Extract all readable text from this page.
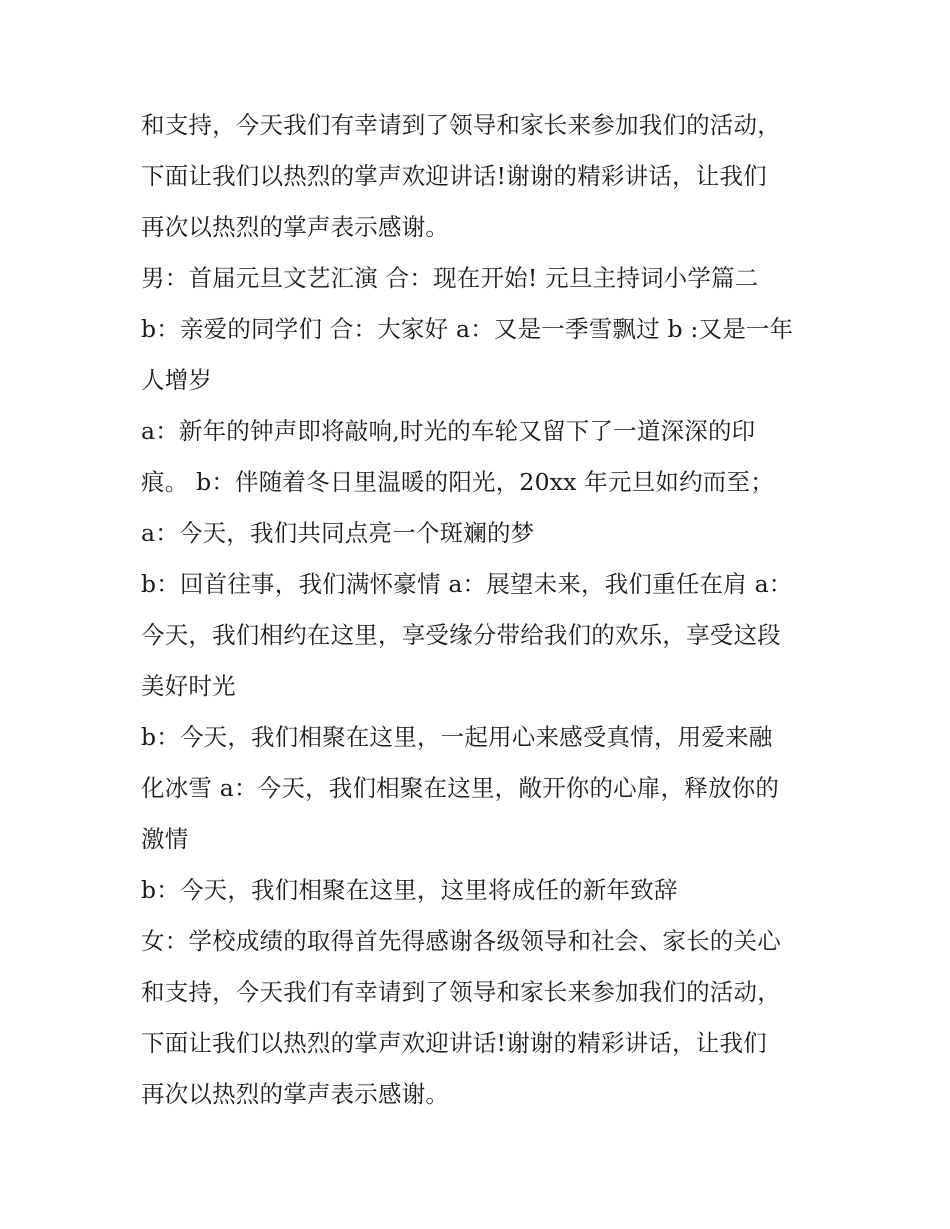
和支持，今天我们有幸请到了领导和家长来参加我们的活动，
下面让我们以热烈的掌声欢迎讲话!谢谢的精彩讲话，让我们
再次以热烈的掌声表示感谢。
男：首届元旦文艺汇演 合：现在开始! 元旦主持词小学篇二
b：亲爱的同学们 合：大家好 a：又是一季雪飘过 b :又是一年
人增岁
a：新年的钟声即将敲响,时光的车轮又留下了一道深深的印
痕。 b：伴随着冬日里温暖的阳光，20xx 年元旦如约而至；
a：今天，我们共同点亮一个斑斓的梦
b：回首往事，我们满怀豪情 a：展望未来，我们重任在肩 a：
今天，我们相约在这里，享受缘分带给我们的欢乐，享受这段
美好时光
b：今天，我们相聚在这里，一起用心来感受真情，用爱来融
化冰雪 a：今天，我们相聚在这里，敞开你的心扉，释放你的
激情
b：今天，我们相聚在这里，这里将成任的新年致辞
女：学校成绩的取得首先得感谢各级领导和社会、家长的关心
和支持，今天我们有幸请到了领导和家长来参加我们的活动，
下面让我们以热烈的掌声欢迎讲话!谢谢的精彩讲话，让我们
再次以热烈的掌声表示感谢。
